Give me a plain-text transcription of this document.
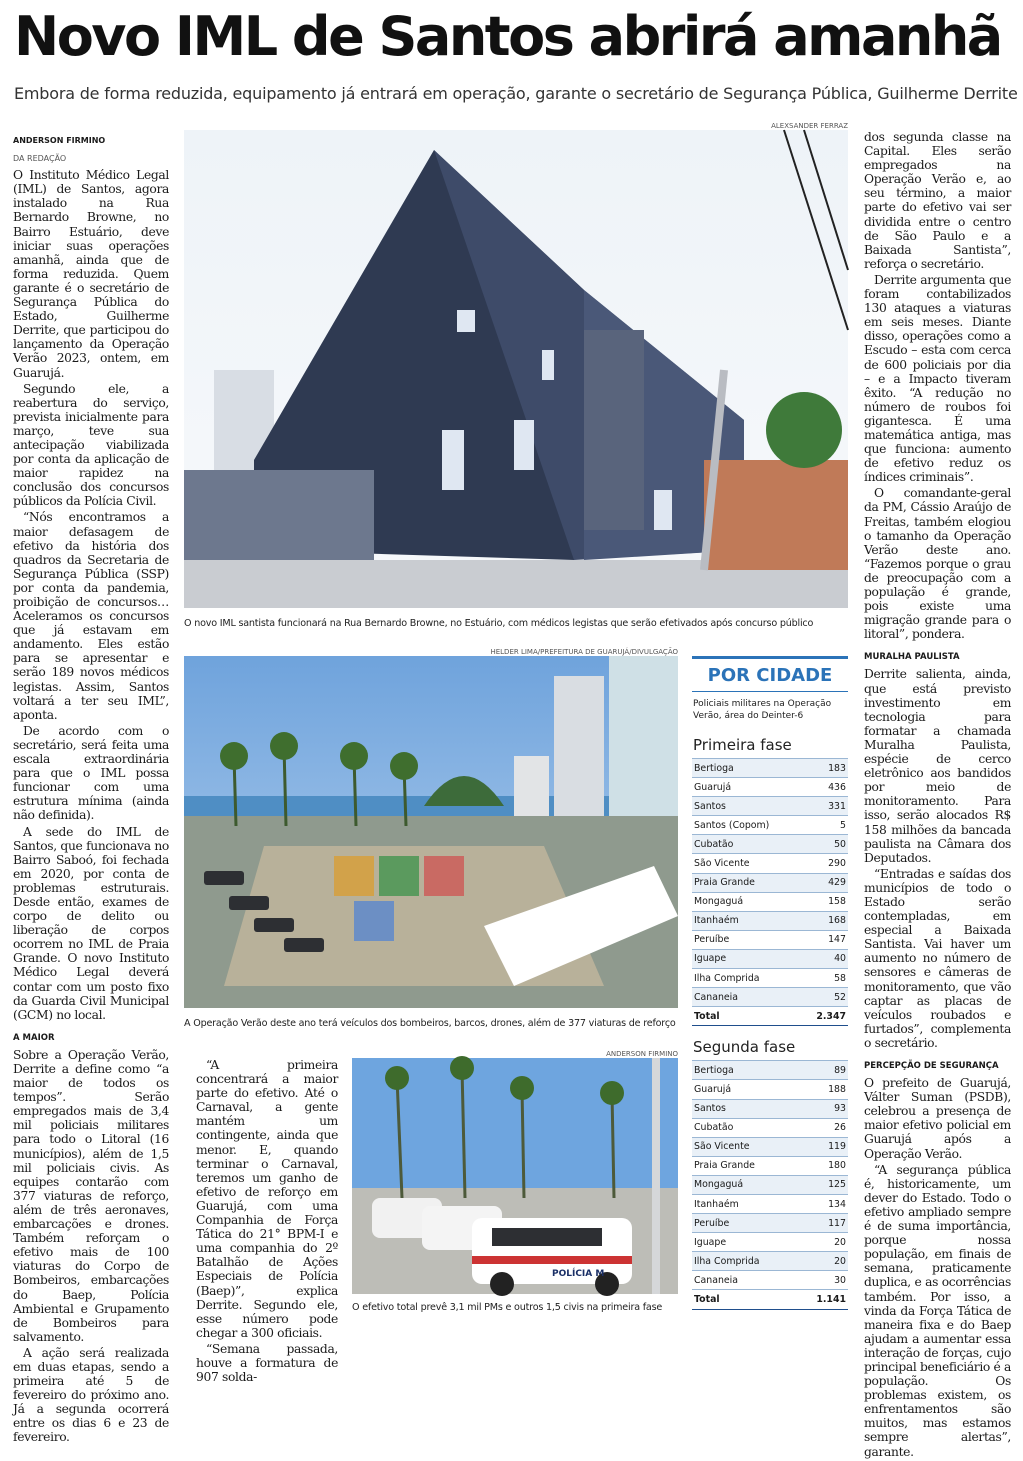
Novo IML de Santos abrirá amanhã
Embora de forma reduzida, equipamento já entrará em operação, garante o secretário de Segurança Pública, Guilherme Derrite
ANDERSON FIRMINO
DA REDAÇÃO

O Instituto Médico Legal (IML) de Santos, agora instalado na Rua Bernardo Browne, no Bairro Estuário, deve iniciar suas operações amanhã, ainda que de forma reduzida. Quem garante é o secretário de Segurança Pública do Estado, Guilherme Derrite, que participou do lançamento da Operação Verão 2023, ontem, em Guarujá.

Segundo ele, a reabertura do serviço, prevista inicialmente para março, teve sua antecipação viabilizada por conta da aplicação de maior rapidez na conclusão dos concursos públicos da Polícia Civil.

“Nós encontramos a maior defasagem de efetivo da história dos quadros da Secretaria de Segurança Pública (SSP) por conta da pandemia, proibição de concursos… Aceleramos os concursos que já estavam em andamento. Eles estão para se apresentar e serão 189 novos médicos legistas. Assim, Santos voltará a ter seu IML”, aponta.

De acordo com o secretário, será feita uma escala extraordinária para que o IML possa funcionar com uma estrutura mínima (ainda não definida).

A sede do IML de Santos, que funcionava no Bairro Saboó, foi fechada em 2020, por conta de problemas estruturais. Desde então, exames de corpo de delito ou liberação de corpos ocorrem no IML de Praia Grande. O novo Instituto Médico Legal deverá contar com um posto fixo da Guarda Civil Municipal (GCM) no local.

A MAIOR

Sobre a Operação Verão, Derrite a define como “a maior de todos os tempos”. Serão empregados mais de 3,4 mil policiais militares para todo o Litoral (16 municípios), além de 1,5 mil policiais civis. As equipes contarão com 377 viaturas de reforço, além de três aeronaves, embarcações e drones. Também reforçam o efetivo mais de 100 viaturas do Corpo de Bombeiros, embarcações do Baep, Polícia Ambiental e Grupamento de Bombeiros para salvamento.

A ação será realizada em duas etapas, sendo a primeira até 5 de fevereiro do próximo ano. Já a segunda ocorrerá entre os dias 6 e 23 de fevereiro.

ALEXSANDER FERRAZ
O novo IML santista funcionará na Rua Bernardo Browne, no Estuário, com médicos legistas que serão efetivados após concurso público
HELDER LIMA/PREFEITURA DE GUARUJÁ/DIVULGAÇÃO
A Operação Verão deste ano terá veículos dos bombeiros, barcos, drones, além de 377 viaturas de reforço

“A primeira concentrará a maior parte do efetivo. Até o Carnaval, a gente mantém um contingente, ainda que menor. E, quando terminar o Carnaval, teremos um ganho de efetivo de reforço em Guarujá, com uma Companhia de Força Tática do 21° BPM-I e uma companhia do 2º Batalhão de Ações Especiais de Polícia (Baep)”, explica Derrite. Segundo ele, esse número pode chegar a 300 oficiais.

“Semana passada, houve a formatura de 907 solda-

ANDERSON FIRMINO
POLÍCIA M
O efetivo total prevê 3,1 mil PMs e outros 1,5 civis na primeira fase
POR CIDADE
Policiais militares na Operação Verão, área do Deinter-6
Primeira fase
Bertioga	183
Guarujá	436
Santos	331
Santos (Copom)	5
Cubatão	50
São Vicente	290
Praia Grande	429
Mongaguá	158
Itanhaém	168
Peruíbe	147
Iguape	40
Ilha Comprida	58
Cananeia	52
Total	2.347
Segunda fase
Bertioga	89
Guarujá	188
Santos	93
Cubatão	26
São Vicente	119
Praia Grande	180
Mongaguá	125
Itanhaém	134
Peruíbe	117
Iguape	20
Ilha Comprida	20
Cananeia	30
Total	1.141

dos segunda classe na Capital. Eles serão empregados na Operação Verão e, ao seu término, a maior parte do efetivo vai ser dividida entre o centro de São Paulo e a Baixada Santista”, reforça o secretário.

Derrite argumenta que foram contabilizados 130 ataques a viaturas em seis meses. Diante disso, operações como a Escudo – esta com cerca de 600 policiais por dia – e a Impacto tiveram êxito. “A redução no número de roubos foi gigantesca. É uma matemática antiga, mas que funciona: aumento de efetivo reduz os índices criminais”.

O comandante-geral da PM, Cássio Araújo de Freitas, também elogiou o tamanho da Operação Verão deste ano. “Fazemos porque o grau de preocupação com a população é grande, pois existe uma migração grande para o litoral”, pondera.

MURALHA PAULISTA

Derrite salienta, ainda, que está previsto investimento em tecnologia para formatar a chamada Muralha Paulista, espécie de cerco eletrônico aos bandidos por meio de monitoramento. Para isso, serão alocados R$ 158 milhões da bancada paulista na Câmara dos Deputados.

“Entradas e saídas dos municípios de todo o Estado serão contempladas, em especial a Baixada Santista. Vai haver um aumento no número de sensores e câmeras de monitoramento, que vão captar as placas de veículos roubados e furtados”, complementa o secretário.

PERCEPÇÃO DE SEGURANÇA

O prefeito de Guarujá, Válter Suman (PSDB), celebrou a presença de maior efetivo policial em Guarujá após a Operação Verão.

“A segurança pública é, historicamente, um dever do Estado. Todo o efetivo ampliado sempre é de suma importância, porque nossa população, em finais de semana, praticamente duplica, e as ocorrências também. Por isso, a vinda da Força Tática de maneira fixa e do Baep ajudam a aumentar essa interação de forças, cujo principal beneficiário é a população. Os problemas existem, os enfrentamentos são muitos, mas estamos sempre alertas”, garante.
